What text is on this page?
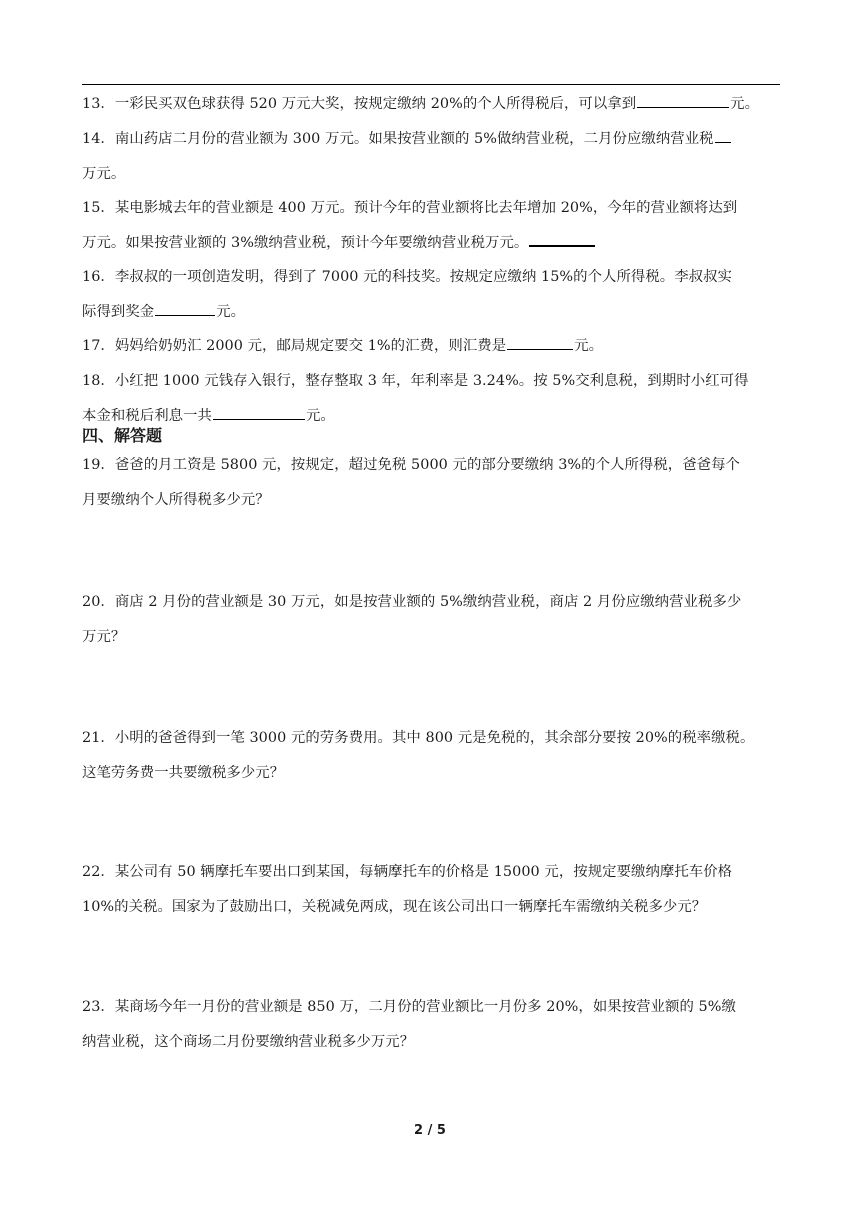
13．一彩民买双色球获得 520 万元大奖，按规定缴纳 20%的个人所得税后，可以拿到	元。
14．南山药店二月份的营业额为 300 万元。如果按营业额的 5%做纳营业税，二月份应缴纳营业税
万元。
15．某电影城去年的营业额是 400 万元。预计今年的营业额将比去年增加 20%，今年的营业额将达到
万元。如果按营业额的 3%缴纳营业税，预计今年要缴纳营业税万元。
16．李叔叔的一项创造发明，得到了 7000 元的科技奖。按规定应缴纳 15%的个人所得税。李叔叔实
际得到奖金	元。
17．妈妈给奶奶汇 2000 元，邮局规定要交 1%的汇费，则汇费是	元。
18．小红把 1000 元钱存入银行，整存整取 3 年，年利率是 3.24%。按 5%交利息税，到期时小红可得
本金和税后利息一共	元。
四、解答题
19．爸爸的月工资是 5800 元，按规定，超过免税 5000 元的部分要缴纳 3%的个人所得税，爸爸每个
月要缴纳个人所得税多少元？
20．商店 2 月份的营业额是 30 万元，如是按营业额的 5%缴纳营业税，商店 2 月份应缴纳营业税多少
万元？
21．小明的爸爸得到一笔 3000 元的劳务费用。其中 800 元是免税的，其余部分要按 20%的税率缴税。
这笔劳务费一共要缴税多少元？
22．某公司有 50 辆摩托车要出口到某国，每辆摩托车的价格是 15000 元，按规定要缴纳摩托车价格
10%的关税。国家为了鼓励出口，关税减免两成，现在该公司出口一辆摩托车需缴纳关税多少元？
23．某商场今年一月份的营业额是 850 万，二月份的营业额比一月份多 20%，如果按营业额的 5%缴
纳营业税，这个商场二月份要缴纳营业税多少万元？
2 / 5
